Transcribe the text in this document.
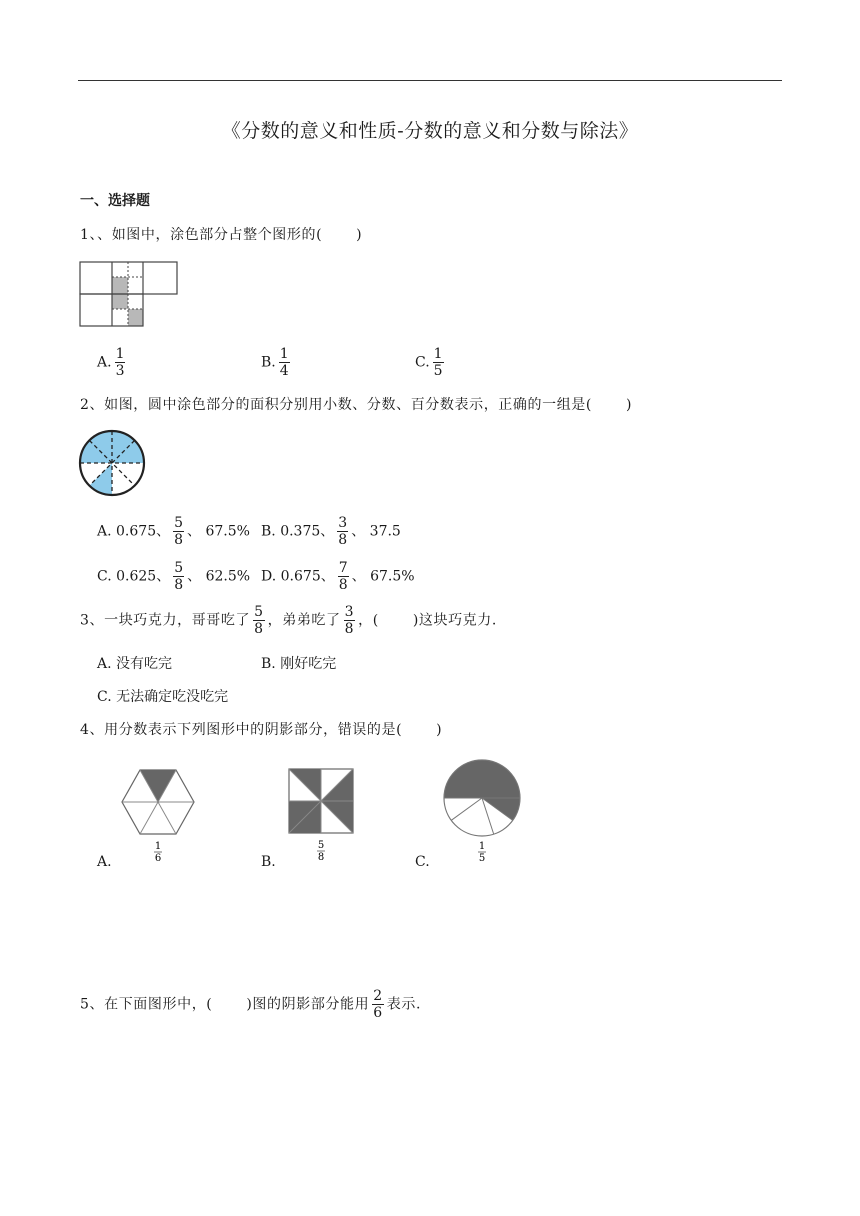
《分数的意义和性质-分数的意义和分数与除法》
一、选择题
1、、如图中，涂色部分占整个图形的( )
A. $\frac{1}{3}$	B. $\frac{1}{4}$	C. $\frac{1}{5}$
2、如图，圆中涂色部分的面积分别用小数、分数、百分数表示，正确的一组是( )
A. 0.675、 $\frac{5}{8}$ 、 67.5% B. 0.375、 $\frac{3}{8}$ 、 37.5
C. 0.625、 $\frac{5}{8}$ 、 62.5% D. 0.675、 $\frac{7}{8}$ 、 67.5%
3、一块巧克力，哥哥吃了 $\frac{5}{8}$ ，弟弟吃了 $\frac{3}{8}$ ，( )这块巧克力.
A. 没有吃完	B. 刚好吃完
C. 无法确定吃没吃完
4、用分数表示下列图形中的阴影部分，错误的是( )
1
6
A.
5
8
B.
1
5
C.
5、在下面图形中，( )图的阴影部分能用 $\frac{2}{6}$ 表示.
